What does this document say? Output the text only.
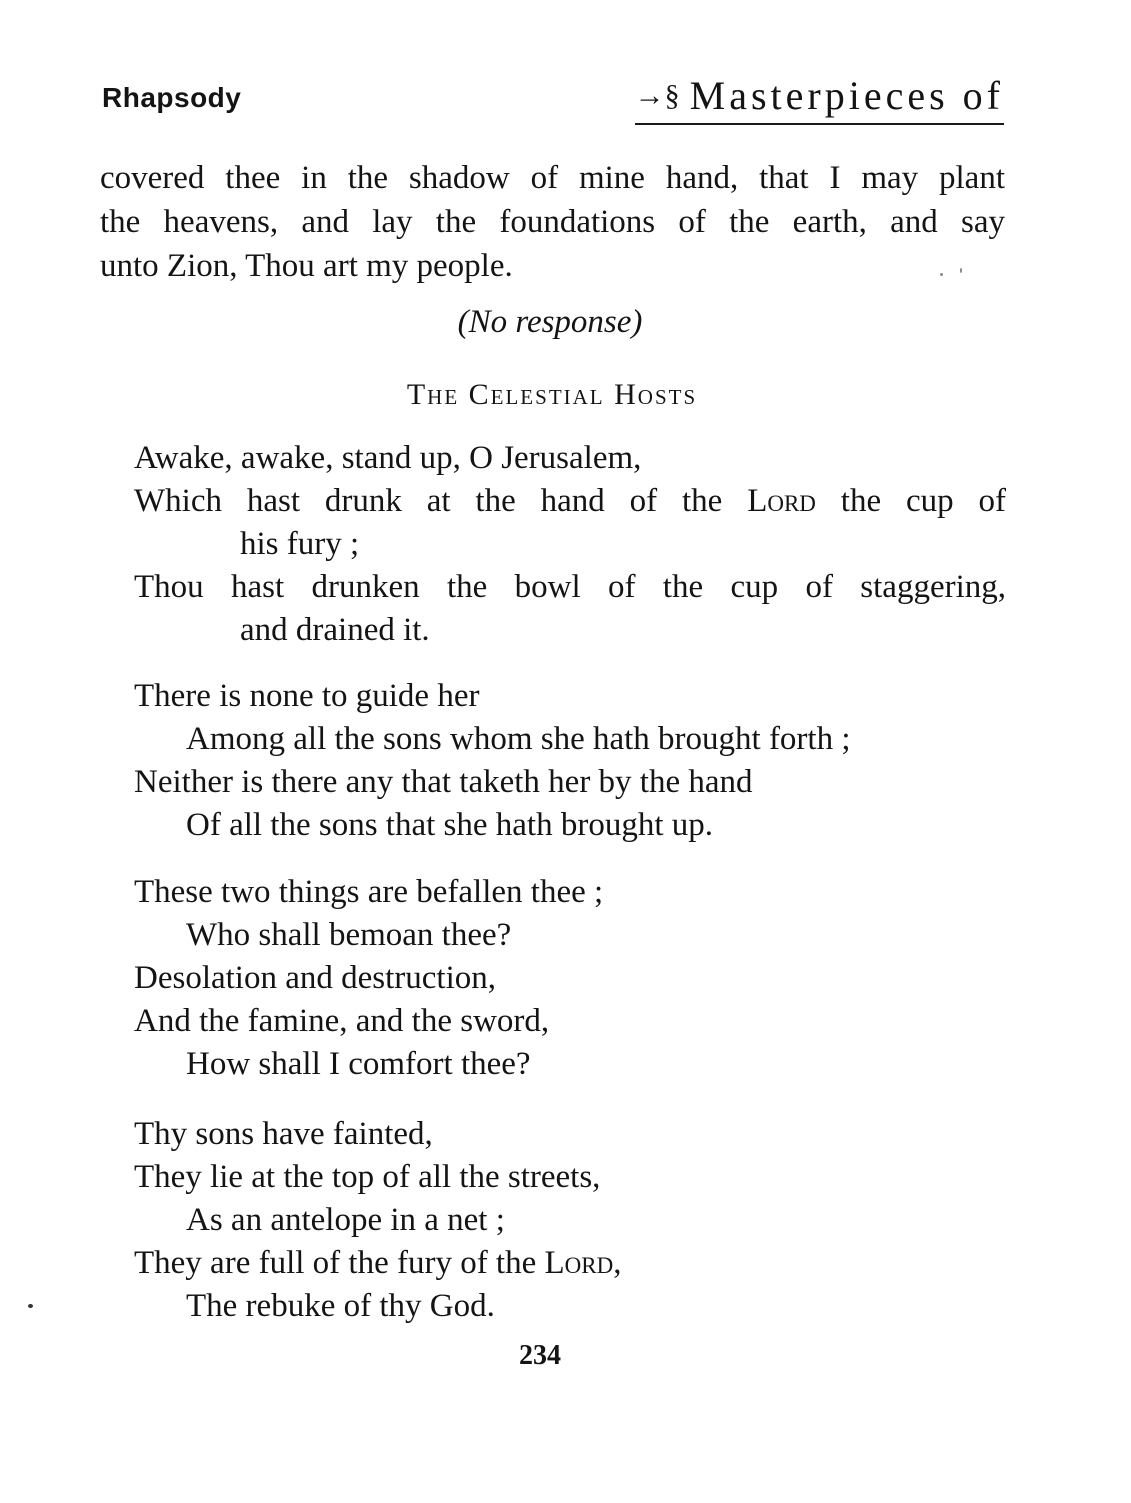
Rhapsody	→§ Masterpieces of
covered thee in the shadow of mine hand, that I may plant
the heavens, and lay the foundations of the earth, and say
unto Zion, Thou art my people.
(No response)
The Celestial Hosts
Awake, awake, stand up, O Jerusalem,
Which hast drunk at the hand of the Lord the cup of
his fury ;
Thou hast drunken the bowl of the cup of staggering,
and drained it.
There is none to guide her
Among all the sons whom she hath brought forth ;
Neither is there any that taketh her by the hand
Of all the sons that she hath brought up.
These two things are befallen thee ;
Who shall bemoan thee?
Desolation and destruction,
And the famine, and the sword,
How shall I comfort thee?
Thy sons have fainted,
They lie at the top of all the streets,
As an antelope in a net ;
They are full of the fury of the Lord,
The rebuke of thy God.
234
